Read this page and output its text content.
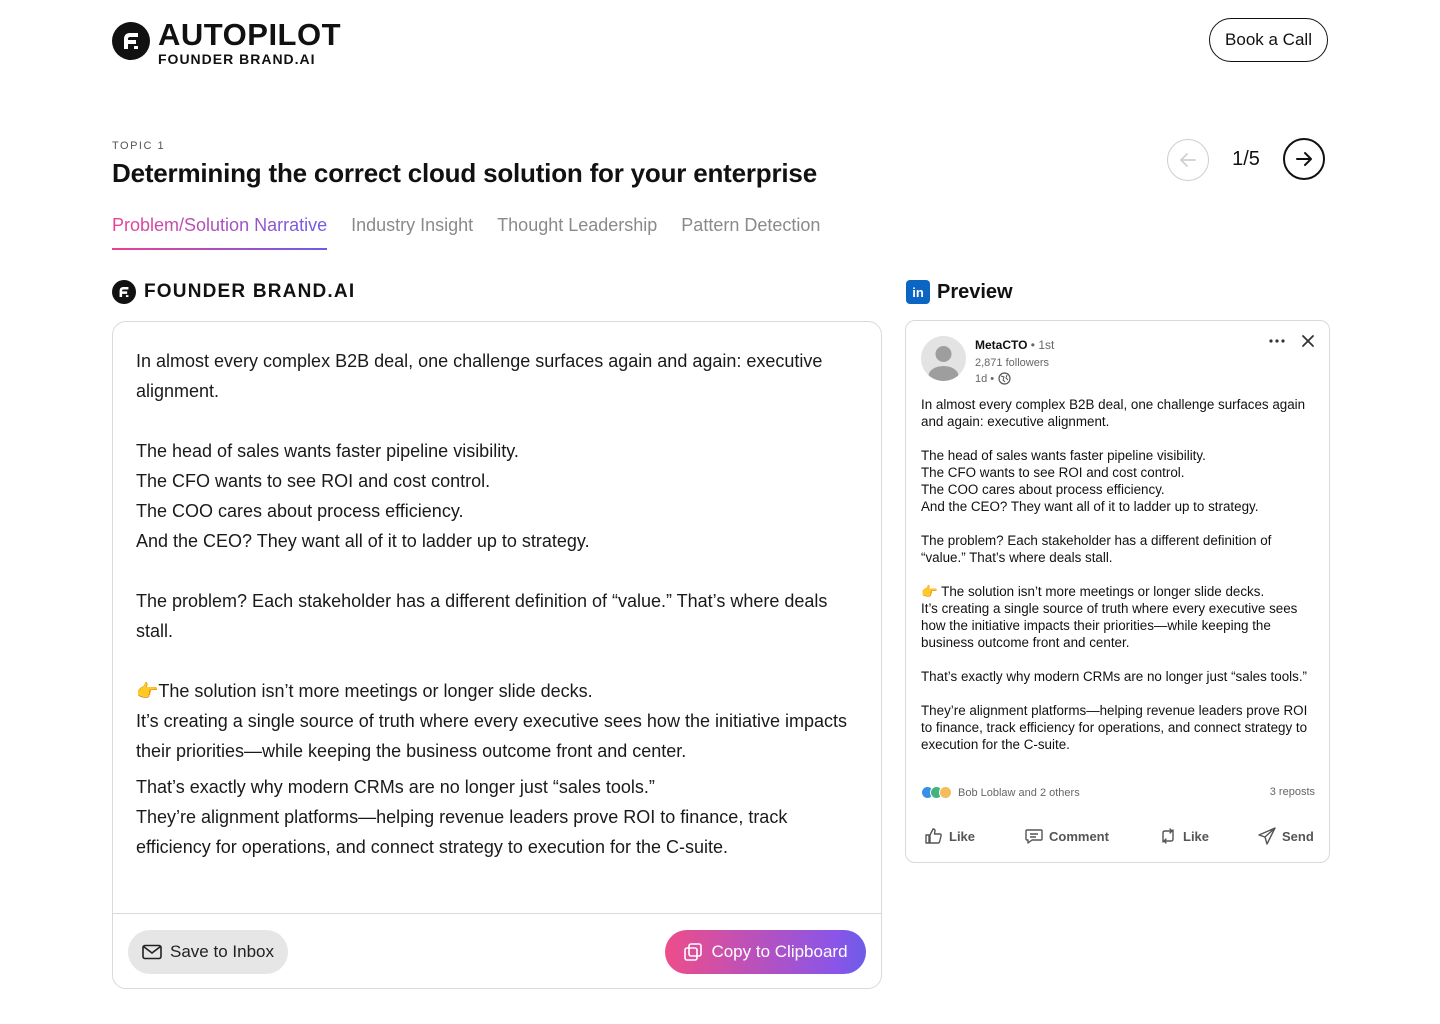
AUTOPILOT
FOUNDER BRAND.AI
Book a Call
TOPIC 1
Determining the correct cloud solution for your enterprise	1/5
Problem/Solution Narrative Industry Insight Thought Leadership Pattern Detection
FOUNDER BRAND.AI

In almost every complex B2B deal, one challenge surfaces again and again: executive alignment.

The head of sales wants faster pipeline visibility.

The CFO wants to see ROI and cost control.

The COO cares about process efficiency.

And the CEO? They want all of it to ladder up to strategy.

The problem? Each stakeholder has a different definition of “value.” That’s where deals stall.

👉The solution isn’t more meetings or longer slide decks.

It’s creating a single source of truth where every executive sees how the initiative impacts their priorities—while keeping the business outcome front and center.

That’s exactly why modern CRMs are no longer just “sales tools.”

They’re alignment platforms—helping revenue leaders prove ROI to finance, track efficiency for operations, and connect strategy to execution for the C-suite.

Save to Inbox	Copy to Clipboard
in Preview
MetaCTO • 1st
2,871 followers
1d •

In almost every complex B2B deal, one challenge surfaces again and again: executive alignment.

The head of sales wants faster pipeline visibility.

The CFO wants to see ROI and cost control.

The COO cares about process efficiency.

And the CEO? They want all of it to ladder up to strategy.

The problem? Each stakeholder has a different definition of “value.” That’s where deals stall.

👉 The solution isn’t more meetings or longer slide decks.

It’s creating a single source of truth where every executive sees how the initiative impacts their priorities—while keeping the business outcome front and center.

That’s exactly why modern CRMs are no longer just “sales tools.”

They’re alignment platforms—helping revenue leaders prove ROI to finance, track efficiency for operations, and connect strategy to execution for the C-suite.

Bob Loblaw and 2 others	3 reposts
Like	Comment	Like	Send
